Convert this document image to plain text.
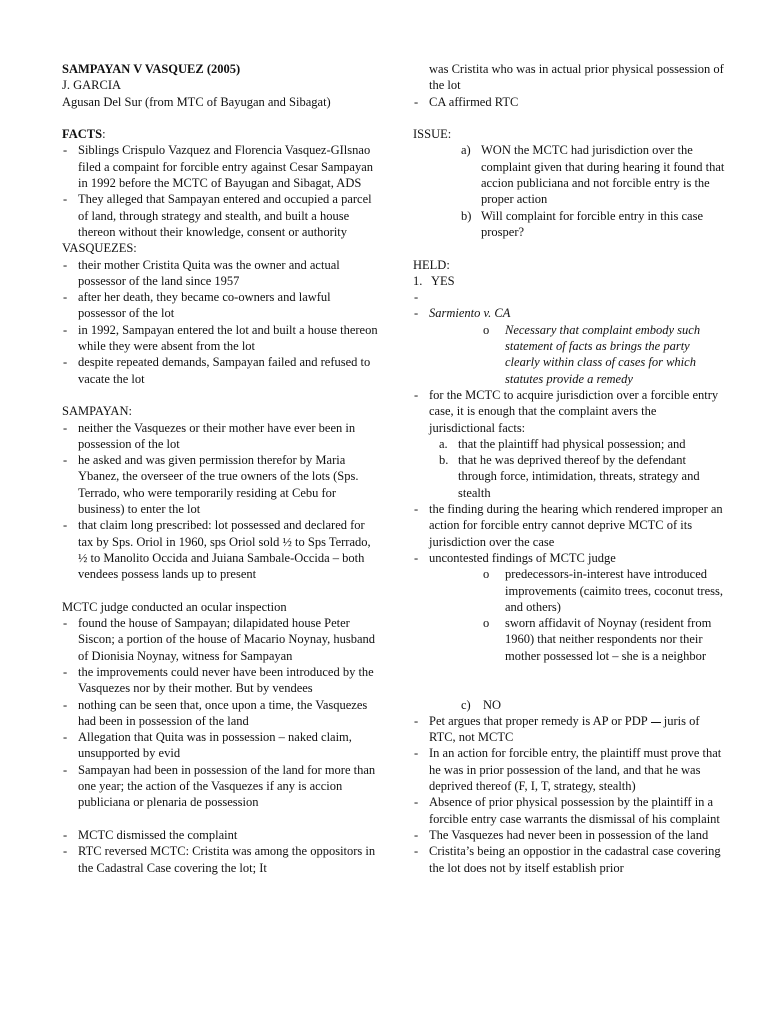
SAMPAYAN V VASQUEZ (2005)

J. GARCIA

Agusan Del Sur (from MTC of Bayugan and Sibagat)

FACTS:

- Siblings Crispulo Vazquez and Florencia Vasquez-GIlsnao filed a compaint for forcible entry against Cesar Sampayan in 1992 before the MCTC of Bayugan and Sibagat, ADS

- They alleged that Sampayan entered and occupied a parcel of land, through strategy and stealth, and built a house thereon without their knowledge, consent or authority

VASQUEZES:

- their mother Cristita Quita was the owner and actual possessor of the land since 1957

- after her death, they became co-owners and lawful possessor of the lot

- in 1992, Sampayan entered the lot and built a house thereon while they were absent from the lot

- despite repeated demands, Sampayan failed and refused to vacate the lot

SAMPAYAN:

- neither the Vasquezes or their mother have ever been in possession of the lot

- he asked and was given permission therefor by Maria Ybanez, the overseer of the true owners of the lots (Sps. Terrado, who were temporarily residing at Cebu for business) to enter the lot

- that claim long prescribed: lot possessed and declared for tax by Sps. Oriol in 1960, sps Oriol sold ½ to Sps Terrado, ½ to Manolito Occida and Juiana Sambale-Occida – both vendees possess lands up to present

MCTC judge conducted an ocular inspection

- found the house of Sampayan; dilapidated house Peter Siscon; a portion of the house of Macario Noynay, husband of Dionisia Noynay, witness for Sampayan

- the improvements could never have been introduced by the Vasquezes nor by their mother. But by vendees

- nothing can be seen that, once upon a time, the Vasquezes had been in possession of the land

- Allegation that Quita was in possession – naked claim, unsupported by evid

- Sampayan had been in possession of the land for more than one year; the action of the Vasquezes if any is accion publiciana or plenaria de possession

- MCTC dismissed the complaint

- RTC reversed MCTC: Cristita was among the oppositors in the Cadastral Case covering the lot; It

was Cristita who was in actual prior physical possession of the lot

- CA affirmed RTC

ISSUE:

a) WON the MCTC had jurisdiction over the complaint given that during hearing it found that accion publiciana and not forcible entry is the proper action
b) Will complaint for forcible entry in this case prosper?

HELD:

1. YES

-

- Sarmiento v. CA

o Necessary that complaint embody such statement of facts as brings the party clearly within class of cases for which statutes provide a remedy

- for the MCTC to acquire jurisdiction over a forcible entry case, it is enough that the complaint avers the jurisdictional facts:

a. that the plaintiff had physical possession; and
b. that he was deprived thereof by the defendant through force, intimidation, threats, strategy and stealth

- the finding during the hearing which rendered improper an action for forcible entry cannot deprive MCTC of its jurisdiction over the case

- uncontested findings of MCTC judge

o predecessors-in-interest have introduced improvements (caimito trees, coconut tress, and others)
o sworn affidavit of Noynay (resident from 1960) that neither respondents nor their mother possessed lot – she is a neighbor
c) NO

- Pet argues that proper remedy is AP or PDP juris of RTC, not MCTC

- In an action for forcible entry, the plaintiff must prove that he was in prior possession of the land, and that he was deprived thereof (F, I, T, strategy, stealth)

- Absence of prior physical possession by the plaintiff in a forcible entry case warrants the dismissal of his complaint

- The Vasquezes had never been in possession of the land

- Cristita’s being an oppostior in the cadastral case covering the lot does not by itself establish prior
